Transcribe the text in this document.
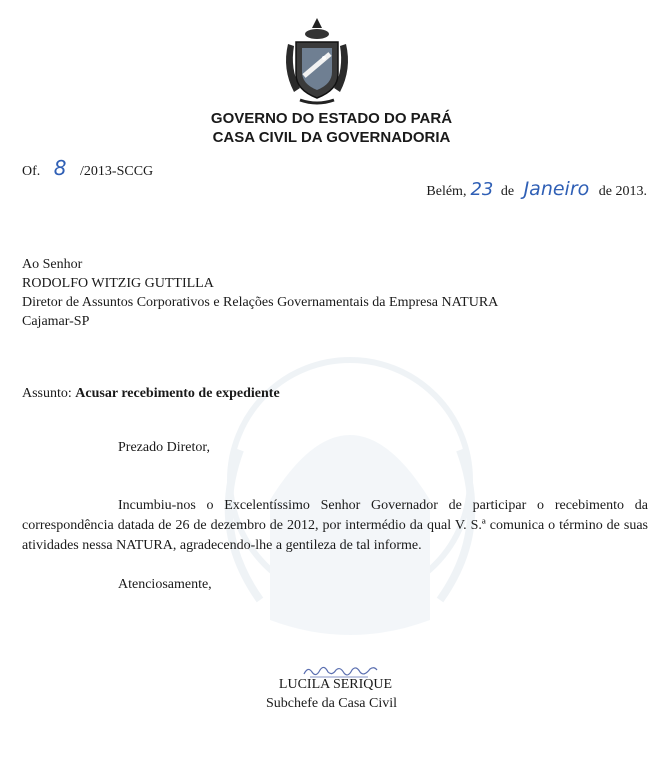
GOVERNO DO ESTADO DO PARÁ
CASA CIVIL DA GOVERNADORIA
Of. 8 /2013-SCCG
Belém, 23 de Janeiro de 2013.
Ao Senhor
RODOLFO WITZIG GUTTILLA
Diretor de Assuntos Corporativos e Relações Governamentais da Empresa NATURA
Cajamar-SP
Assunto: Acusar recebimento de expediente
Prezado Diretor,
Incumbiu-nos o Excelentíssimo Senhor Governador de participar o recebimento da correspondência datada de 26 de dezembro de 2012, por intermédio da qual V. S.ª comunica o término de suas atividades nessa NATURA, agradecendo-lhe a gentileza de tal informe.
Atenciosamente,
LUCILA SERIQUE
Subchefe da Casa Civil
